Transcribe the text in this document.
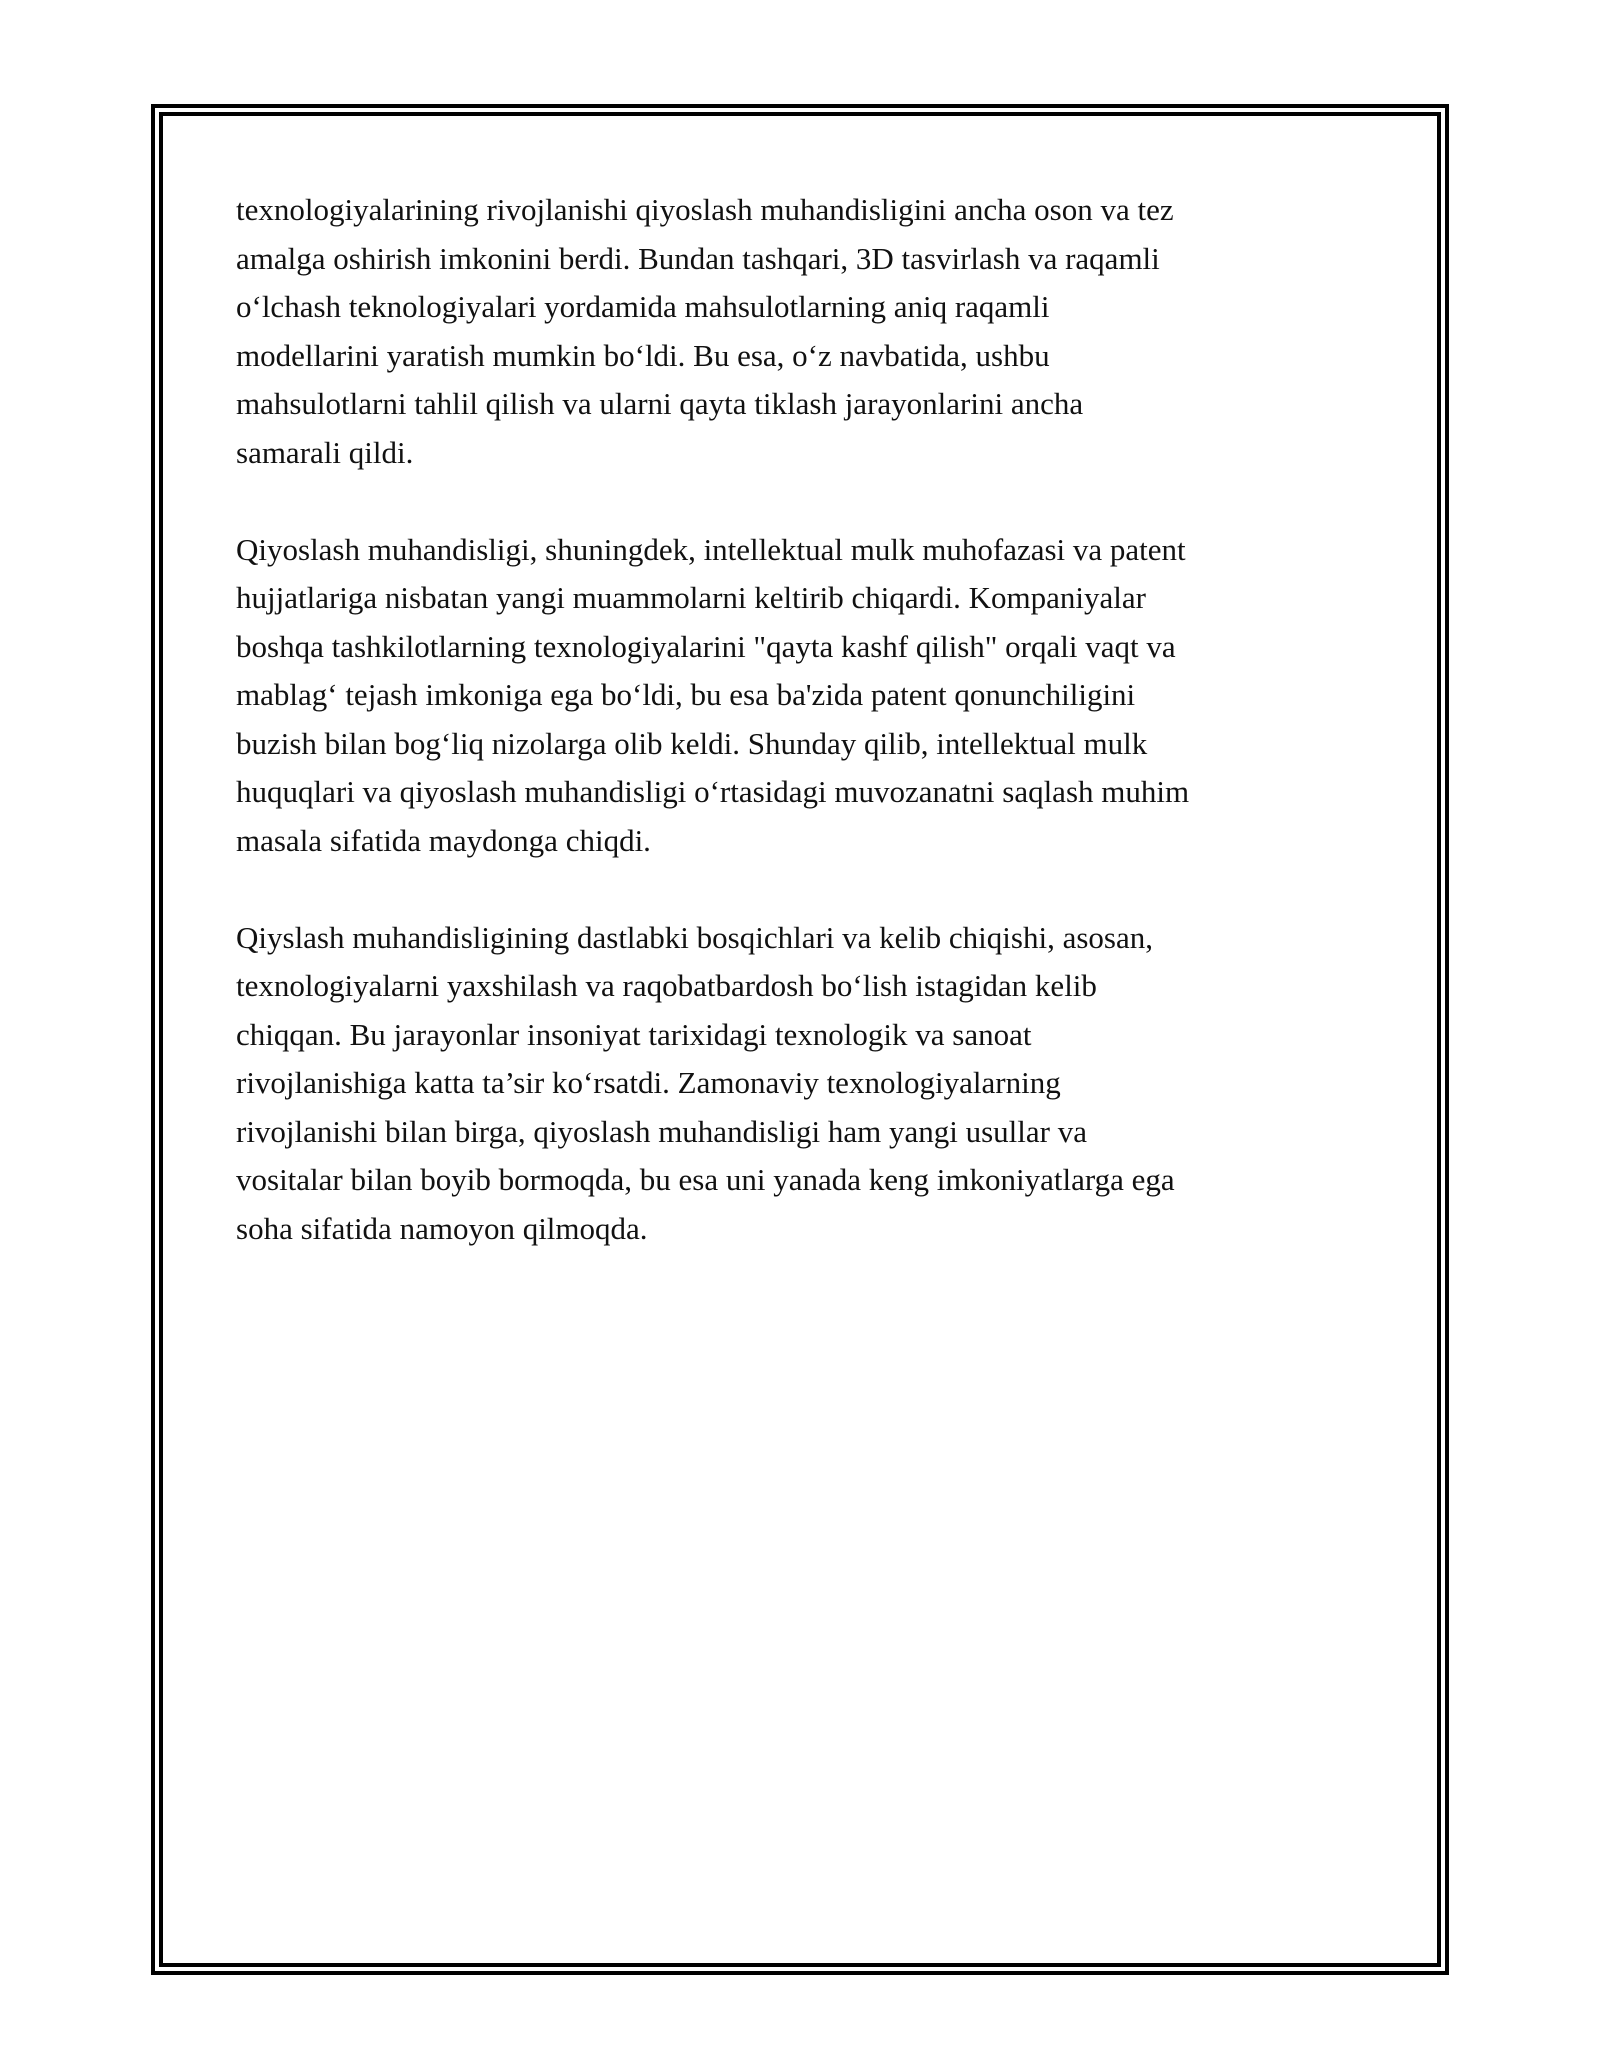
texnologiyalarining rivojlanishi qiyoslash muhandisligini ancha oson va tez
amalga oshirish imkonini berdi. Bundan tashqari, 3D tasvirlash va raqamli
o‘lchash teknologiyalari yordamida mahsulotlarning aniq raqamli
modellarini yaratish mumkin bo‘ldi. Bu esa, o‘z navbatida, ushbu
mahsulotlarni tahlil qilish va ularni qayta tiklash jarayonlarini ancha
samarali qildi.

Qiyoslash muhandisligi, shuningdek, intellektual mulk muhofazasi va patent
hujjatlariga nisbatan yangi muammolarni keltirib chiqardi. Kompaniyalar
boshqa tashkilotlarning texnologiyalarini "qayta kashf qilish" orqali vaqt va
mablag‘ tejash imkoniga ega bo‘ldi, bu esa ba'zida patent qonunchiligini
buzish bilan bog‘liq nizolarga olib keldi. Shunday qilib, intellektual mulk
huquqlari va qiyoslash muhandisligi o‘rtasidagi muvozanatni saqlash muhim
masala sifatida maydonga chiqdi.

Qiyslash muhandisligining dastlabki bosqichlari va kelib chiqishi, asosan,
texnologiyalarni yaxshilash va raqobatbardosh bo‘lish istagidan kelib
chiqqan. Bu jarayonlar insoniyat tarixidagi texnologik va sanoat
rivojlanishiga katta ta’sir ko‘rsatdi. Zamonaviy texnologiyalarning
rivojlanishi bilan birga, qiyoslash muhandisligi ham yangi usullar va
vositalar bilan boyib bormoqda, bu esa uni yanada keng imkoniyatlarga ega
soha sifatida namoyon qilmoqda.
